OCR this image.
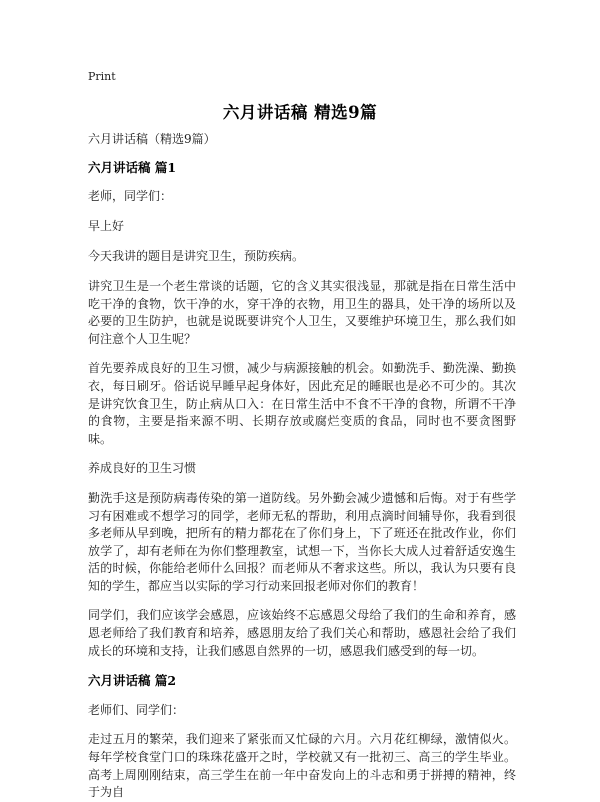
Print
六月讲话稿 精选9篇

六月讲话稿（精选9篇）

六月讲话稿 篇1

老师，同学们：

早上好

今天我讲的题目是讲究卫生，预防疾病。

讲究卫生是一个老生常谈的话题，它的含义其实很浅显，那就是指在日常生活中吃干净的食物，饮干净的水，穿干净的衣物，用卫生的器具，处干净的场所以及必要的卫生防护，也就是说既要讲究个人卫生，又要维护环境卫生，那么我们如何注意个人卫生呢？

首先要养成良好的卫生习惯，减少与病源接触的机会。如勤洗手、勤洗澡、勤换衣，每日刷牙。俗话说早睡早起身体好，因此充足的睡眠也是必不可少的。其次是讲究饮食卫生，防止病从口入：在日常生活中不食不干净的食物，所谓不干净的食物，主要是指来源不明、长期存放或腐烂变质的食品，同时也不要贪图野味。

养成良好的卫生习惯

勤洗手这是预防病毒传染的第一道防线。另外勤会减少遗憾和后悔。对于有些学习有困难或不想学习的同学，老师无私的帮助，利用点滴时间辅导你，我看到很多老师从早到晚，把所有的精力都花在了你们身上，下了班还在批改作业，你们放学了，却有老师在为你们整理教室，试想一下，当你长大成人过着舒适安逸生活的时候，你能给老师什么回报？而老师从不奢求这些。所以，我认为只要有良知的学生，都应当以实际的学习行动来回报老师对你们的教育！

同学们，我们应该学会感恩，应该始终不忘感恩父母给了我们的生命和养育，感恩老师给了我们教育和培养，感恩朋友给了我们关心和帮助，感恩社会给了我们成长的环境和支持，让我们感恩自然界的一切，感恩我们感受到的每一切。

六月讲话稿 篇2

老师们、同学们：

走过五月的繁荣，我们迎来了紧张而又忙碌的六月。六月花红柳绿，激情似火。每年学校食堂门口的珠珠花盛开之时，学校就又有一批初三、高三的学生毕业。高考上周刚刚结束，高三学生在前一年中奋发向上的斗志和勇于拼搏的精神，终于为自
